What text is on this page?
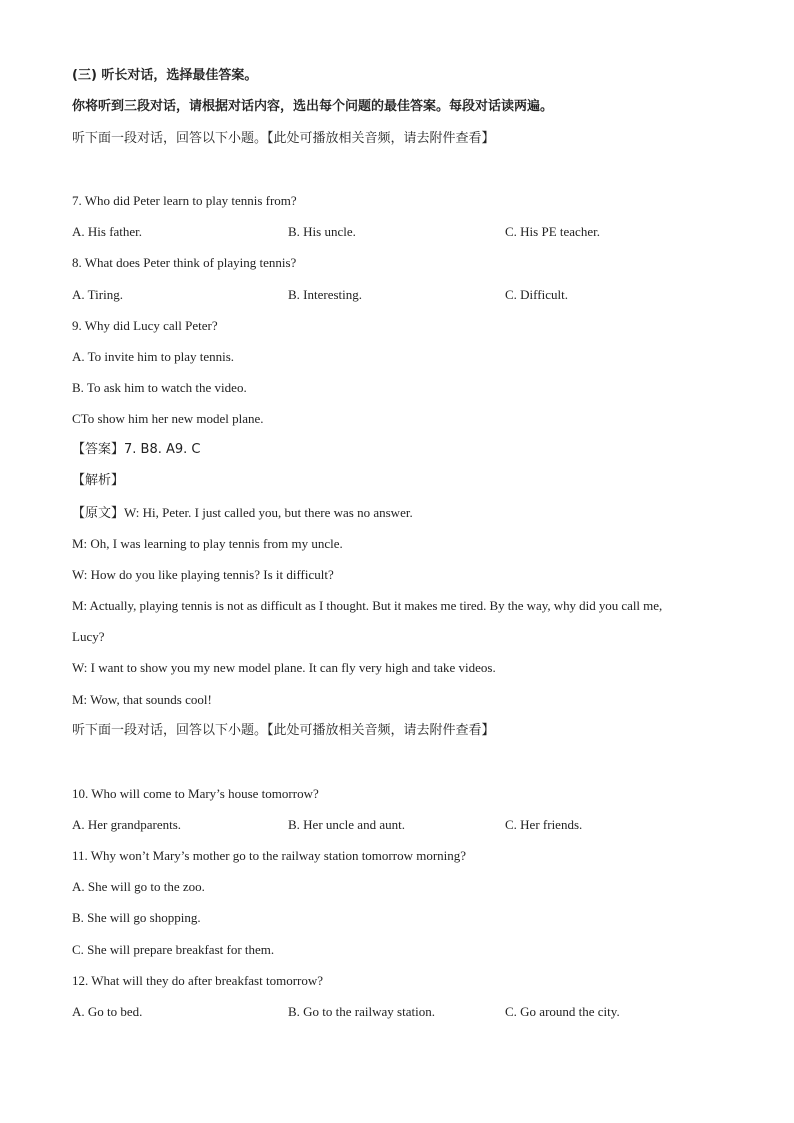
(三) 听长对话，选择最佳答案。
你将听到三段对话，请根据对话内容，选出每个问题的最佳答案。每段对话读两遍。
听下面一段对话，回答以下小题。【此处可播放相关音频，请去附件查看】
7. Who did Peter learn to play tennis from?
A. His father.	B. His uncle.	C. His PE teacher.
8. What does Peter think of playing tennis?
A. Tiring.	B. Interesting.	C. Difficult.
9. Why did Lucy call Peter?
A. To invite him to play tennis.
B. To ask him to watch the video.
CTo show him her new model plane.
【答案】7. B8. A9. C
【解析】
【原文】W: Hi, Peter. I just called you, but there was no answer.
M: Oh, I was learning to play tennis from my uncle.
W: How do you like playing tennis? Is it difficult?
M: Actually, playing tennis is not as difficult as I thought. But it makes me tired. By the way, why did you call me,
Lucy?
W: I want to show you my new model plane. It can fly very high and take videos.
M: Wow, that sounds cool!
听下面一段对话，回答以下小题。【此处可播放相关音频，请去附件查看】
10. Who will come to Mary’s house tomorrow?
A. Her grandparents.	B. Her uncle and aunt.	C. Her friends.
11. Why won’t Mary’s mother go to the railway station tomorrow morning?
A. She will go to the zoo.
B. She will go shopping.
C. She will prepare breakfast for them.
12. What will they do after breakfast tomorrow?
A. Go to bed.	B. Go to the railway station.	C. Go around the city.
